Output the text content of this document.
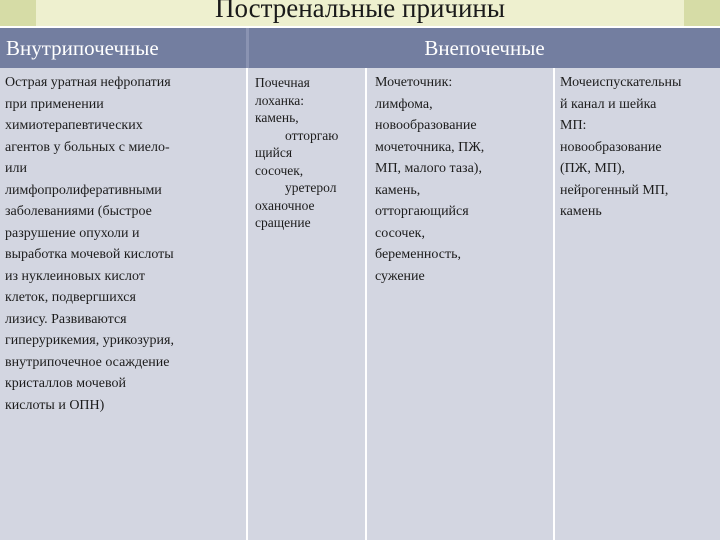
Постренальные причины
Внутрипочечные	Внепочечные
Острая уратная нефропатия
при применении
химиотерапевтических
агентов у больных с миело-
или
лимфопролиферативными
заболеваниями (быстрое
разрушение опухоли и
выработка мочевой кислоты
из нуклеиновых кислот
клеток, подвергшихся
лизису. Развиваются
гиперурикемия, урикозурия,
внутрипочечное осаждение
кристаллов мочевой
кислоты и ОПН)
Почечная
лоханка:
камень,
отторгаю
щийся
сосочек,
уретерол
оханочное
сращение
Мочеточник:
лимфома,
новообразование
мочеточника, ПЖ,
МП, малого таза),
камень,
отторгающийся
сосочек,
беременность,
сужение
Мочеиспускательны
й канал и шейка
МП:
новообразование
(ПЖ, МП),
нейрогенный МП,
камень
